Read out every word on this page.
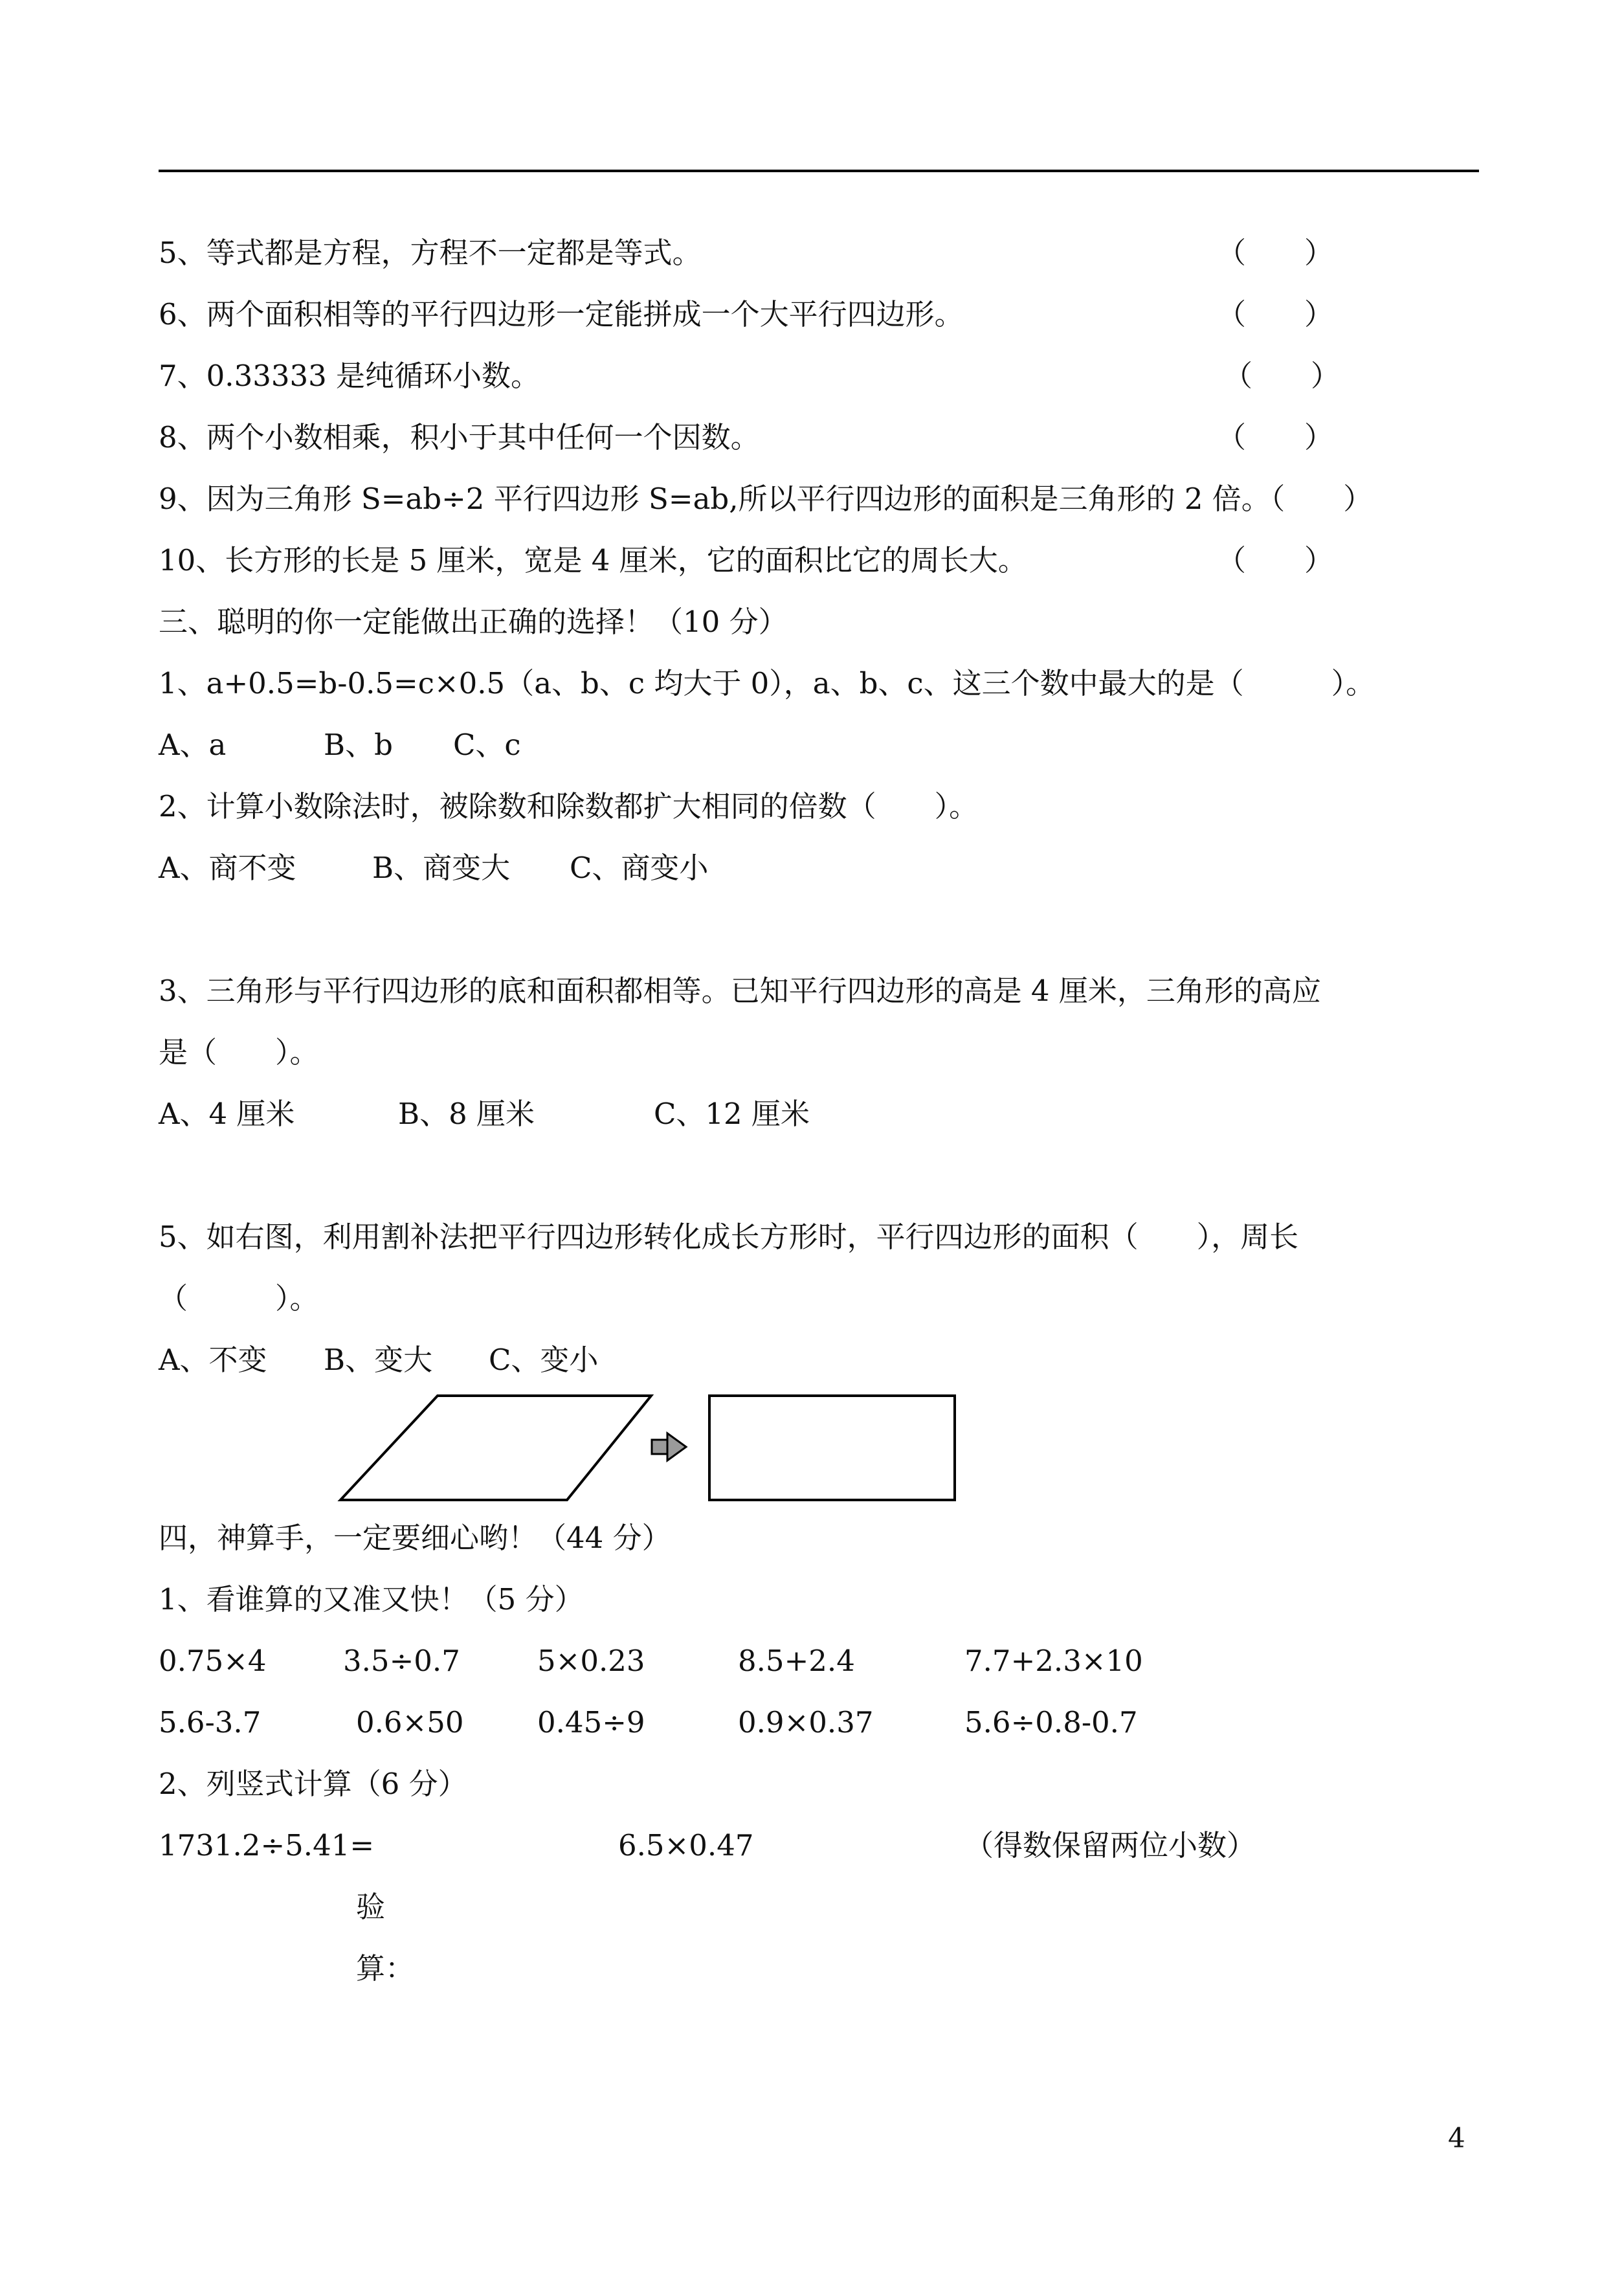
5、等式都是方程，方程不一定都是等式。	（　　）
6、两个面积相等的平行四边形一定能拼成一个大平行四边形。	（　　）
7、0.33333 是纯循环小数。	（　　）
8、两个小数相乘，积小于其中任何一个因数。	（　　）
9、因为三角形 S=ab÷2 平行四边形 S=ab,所以平行四边形的面积是三角形的 2 倍。（　　）
10、长方形的长是 5 厘米，宽是 4 厘米，它的面积比它的周长大。	（　　）
三、聪明的你一定能做出正确的选择！（10 分）
1、a+0.5=b-0.5=c×0.5（a、b、c 均大于 0），a、b、c、这三个数中最大的是（　　　）。
A、a	B、b C、c
2、计算小数除法时，被除数和除数都扩大相同的倍数（　　）。
A、商不变	B、商变大 C、商变小
3、三角形与平行四边形的底和面积都相等。已知平行四边形的高是 4 厘米，三角形的高应
是（　　）。
A、4 厘米	B、8 厘米	C、12 厘米
5、如右图，利用割补法把平行四边形转化成长方形时，平行四边形的面积（　　），周长
（　　　）。
A、不变 B、变大 C、变小
四，神算手，一定要细心哟！（44 分）
1、看谁算的又准又快！（5 分）
0.75×4	3.5÷0.7	5×0.23	8.5+2.4	7.7+2.3×10
5.6-3.7	0.6×50	0.45÷9	0.9×0.37	5.6÷0.8-0.7
2、列竖式计算（6 分）
1731.2÷5.41=	6.5×0.47	（得数保留两位小数）
验
算：
4
